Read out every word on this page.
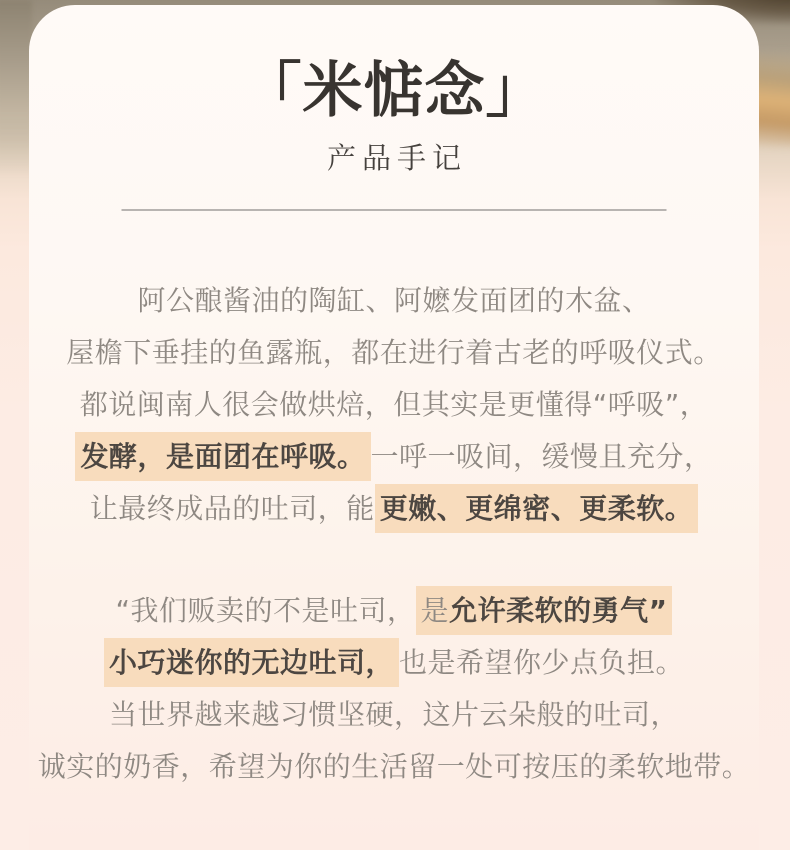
「米惦念」
产品手记
阿公酿酱油的陶缸、阿嬷发面团的木盆、
屋檐下垂挂的鱼露瓶，都在进行着古老的呼吸仪式。
都说闽南人很会做烘焙，但其实是更懂得“呼吸”，
发酵，是面团在呼吸。 一呼一吸间，缓慢且充分，
让最终成品的吐司，能 更嫩、更绵密、更柔软。
“我们贩卖的不是吐司， 是允许柔软的勇气”
小巧迷你的无边吐司， 也是希望你少点负担。
当世界越来越习惯坚硬，这片云朵般的吐司，
诚实的奶香，希望为你的生活留一处可按压的柔软地带。
